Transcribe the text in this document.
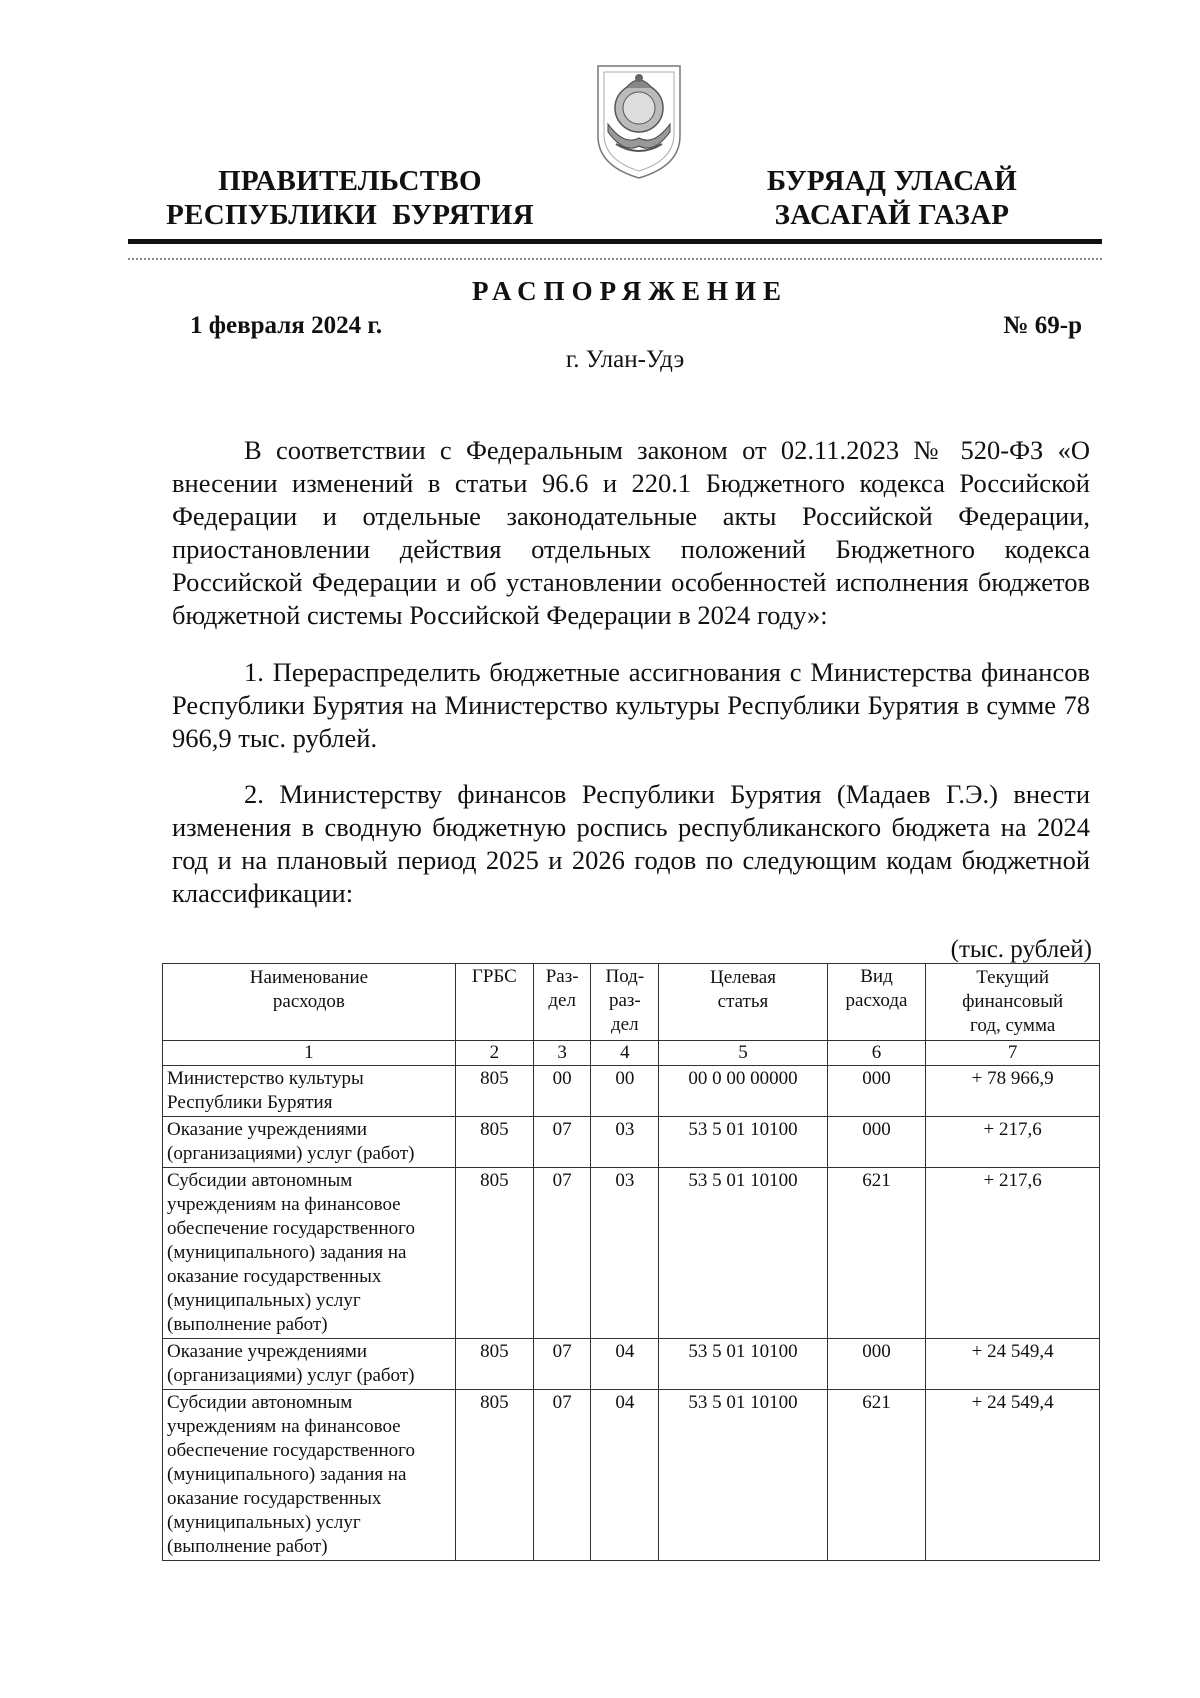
ПРАВИТЕЛЬСТВО
РЕСПУБЛИКИ  БУРЯТИЯ
БУРЯАД УЛАСАЙ
ЗАСАГАЙ ГАЗАР
РАСПОРЯЖЕНИЕ
1 февраля 2024 г.	№ 69-р
г. Улан-Удэ

В соответствии с Федеральным законом от 02.11.2023 № 520-ФЗ «О внесении изменений в статьи 96.6 и 220.1 Бюджетного кодекса Российской Федерации и отдельные законодательные акты Российской Федерации, приостановлении действия отдельных положений Бюджетного кодекса Российской Федерации и об установлении особенностей исполнения бюджетов бюджетной системы Российской Федерации в 2024 году»:

1. Перераспределить бюджетные ассигнования с Министерства финансов Республики Бурятия на Министерство культуры Республики Бурятия в сумме 78 966,9 тыс. рублей.

2. Министерству финансов Республики Бурятия (Мадаев Г.Э.) внести изменения в сводную бюджетную роспись республиканского бюджета на 2024 год и на плановый период 2025 и 2026 годов по следующим кодам бюджетной классификации:

(тыс. рублей)
Наименование расходов	ГРБС	Раз-дел	Под-раз-дел	Целевая статья	Вид расхода	Текущий финансовый год, сумма
1	2	3	4	5	6	7
Министерство культуры Республики Бурятия	805	00	00	00 0 00 00000	000	+ 78 966,9
Оказание учреждениями (организациями) услуг (работ)	805	07	03	53 5 01 10100	000	+ 217,6
Субсидии автономным учреждениям на финансовое обеспечение государственного (муниципального) задания на оказание государственных (муниципальных) услуг (выполнение работ)	805	07	03	53 5 01 10100	621	+ 217,6
Оказание учреждениями (организациями) услуг (работ)	805	07	04	53 5 01 10100	000	+ 24 549,4
Субсидии автономным учреждениям на финансовое обеспечение государственного (муниципального) задания на оказание государственных (муниципальных) услуг (выполнение работ)	805	07	04	53 5 01 10100	621	+ 24 549,4
